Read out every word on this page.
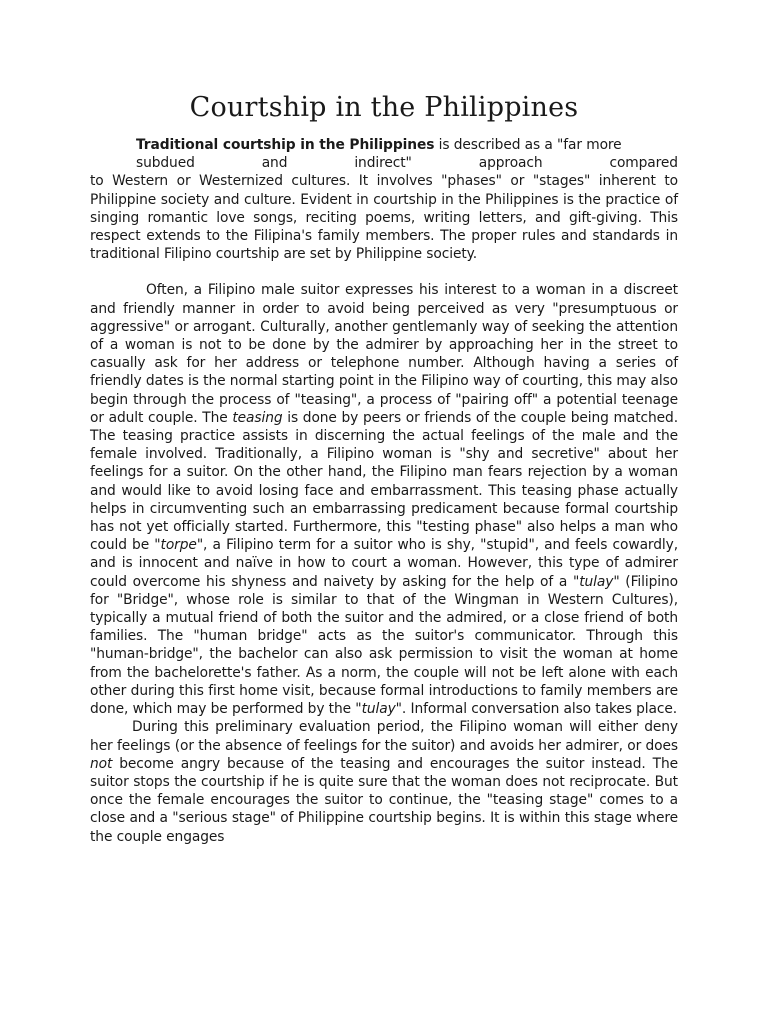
Courtship in the Philippines

Traditional courtship in the Philippines is described as a "far more

subdued	and	indirect"	approach	compared
to Western or Westernized cultures. It involves "phases" or "stages" inherent to Philippine society and culture. Evident in courtship in the Philippines is the practice of singing romantic love songs, reciting poems, writing letters, and gift-giving. This respect extends to the Filipina's family members. The proper rules and standards in traditional Filipino courtship are set by Philippine society.

Often, a Filipino male suitor expresses his interest to a woman in a discreet and friendly manner in order to avoid being perceived as very "presumptuous or aggressive" or arrogant. Culturally, another gentlemanly way of seeking the attention of a woman is not to be done by the admirer by approaching her in the street to casually ask for her address or telephone number. Although having a series of friendly dates is the normal starting point in the Filipino way of courting, this may also begin through the process of "teasing", a process of "pairing off" a potential teenage or adult couple. The teasing is done by peers or friends of the couple being matched. The teasing practice assists in discerning the actual feelings of the male and the female involved. Traditionally, a Filipino woman is "shy and secretive" about her feelings for a suitor. On the other hand, the Filipino man fears rejection by a woman and would like to avoid losing face and embarrassment. This teasing phase actually helps in circumventing such an embarrassing predicament because formal courtship has not yet officially started. Furthermore, this "testing phase" also helps a man who could be "torpe", a Filipino term for a suitor who is shy, "stupid", and feels cowardly, and is innocent and naïve in how to court a woman. However, this type of admirer could overcome his shyness and naivety by asking for the help of a "tulay" (Filipino for "Bridge", whose role is similar to that of the Wingman in Western Cultures), typically a mutual friend of both the suitor and the admired, or a close friend of both families. The "human bridge" acts as the suitor's communicator. Through this "human-bridge", the bachelor can also ask permission to visit the woman at home from the bachelorette's father. As a norm, the couple will not be left alone with each other during this first home visit, because formal introductions to family members are done, which may be performed by the "tulay". Informal conversation also takes place.

During this preliminary evaluation period, the Filipino woman will either deny her feelings (or the absence of feelings for the suitor) and avoids her admirer, or does not become angry because of the teasing and encourages the suitor instead. The suitor stops the courtship if he is quite sure that the woman does not reciprocate. But once the female encourages the suitor to continue, the "teasing stage" comes to a close and a "serious stage" of Philippine courtship begins. It is within this stage where the couple engages
